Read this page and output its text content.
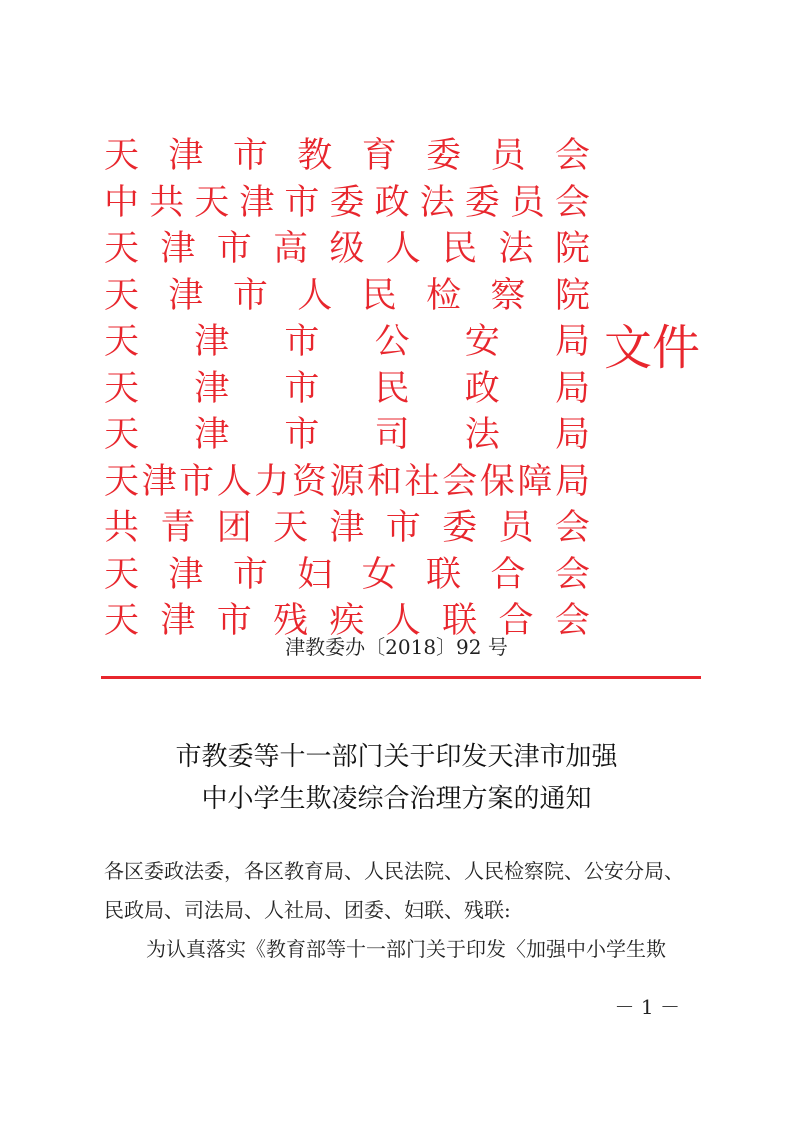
天 津 市 教 育 委 员 会
中 共 天 津 市 委 政 法 委 员 会
天 津 市 高 级 人 民 法 院
天 津 市 人 民 检 察 院
天 津 市 公 安 局
天 津 市 民 政 局
天 津 市 司 法 局
天 津 市 人 力 资 源 和 社 会 保 障 局
共 青 团 天 津 市 委 员 会
天 津 市 妇 女 联 合 会
天 津 市 残 疾 人 联 合 会
文件
津教委办〔2018〕92 号
市教委等十一部门关于印发天津市加强
中小学生欺凌综合治理方案的通知

各区委政法委，各区教育局、人民法院、人民检察院、公安分局、

民政局、司法局、人社局、团委、妇联、残联:

为认真落实《教育部等十一部门关于印发〈加强中小学生欺

－ 1 －
